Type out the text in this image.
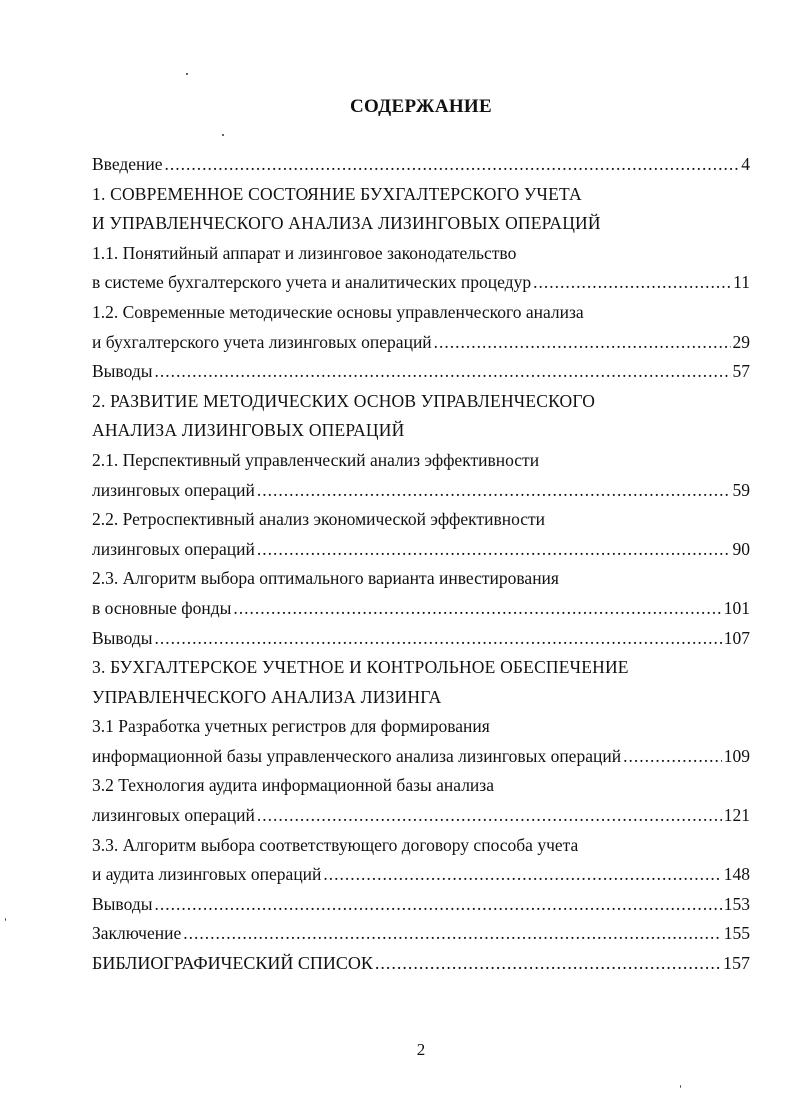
СОДЕРЖАНИЕ
Введение .....	4
1. СОВРЕМЕННОЕ СОСТОЯНИЕ БУХГАЛТЕРСКОГО УЧЕТА
И УПРАВЛЕНЧЕСКОГО АНАЛИЗА ЛИЗИНГОВЫХ ОПЕРАЦИЙ
1.1. Понятийный аппарат и лизинговое законодательство
в системе бухгалтерского учета и аналитических процедур .....	11
1.2. Современные методические основы управленческого анализа
и бухгалтерского учета лизинговых операций .....	29
Выводы .....	57
2. РАЗВИТИЕ МЕТОДИЧЕСКИХ ОСНОВ УПРАВЛЕНЧЕСКОГО
АНАЛИЗА ЛИЗИНГОВЫХ ОПЕРАЦИЙ
2.1. Перспективный управленческий анализ эффективности
лизинговых операций .....	59
2.2. Ретроспективный анализ экономической эффективности
лизинговых операций .....	90
2.3. Алгоритм выбора оптимального варианта инвестирования
в основные фонды .....	101
Выводы .....	107
3. БУХГАЛТЕРСКОЕ УЧЕТНОЕ И КОНТРОЛЬНОЕ ОБЕСПЕЧЕНИЕ
УПРАВЛЕНЧЕСКОГО АНАЛИЗА ЛИЗИНГА
3.1 Разработка учетных регистров для формирования
информационной базы управленческого анализа лизинговых операций .....	109
3.2 Технология аудита информационной базы анализа
лизинговых операций .....	121
3.3. Алгоритм выбора соответствующего договору способа учета
и аудита лизинговых операций .....	148
Выводы .....	153
Заключение .....	155
БИБЛИОГРАФИЧЕСКИЙ СПИСОК .....	157
2
